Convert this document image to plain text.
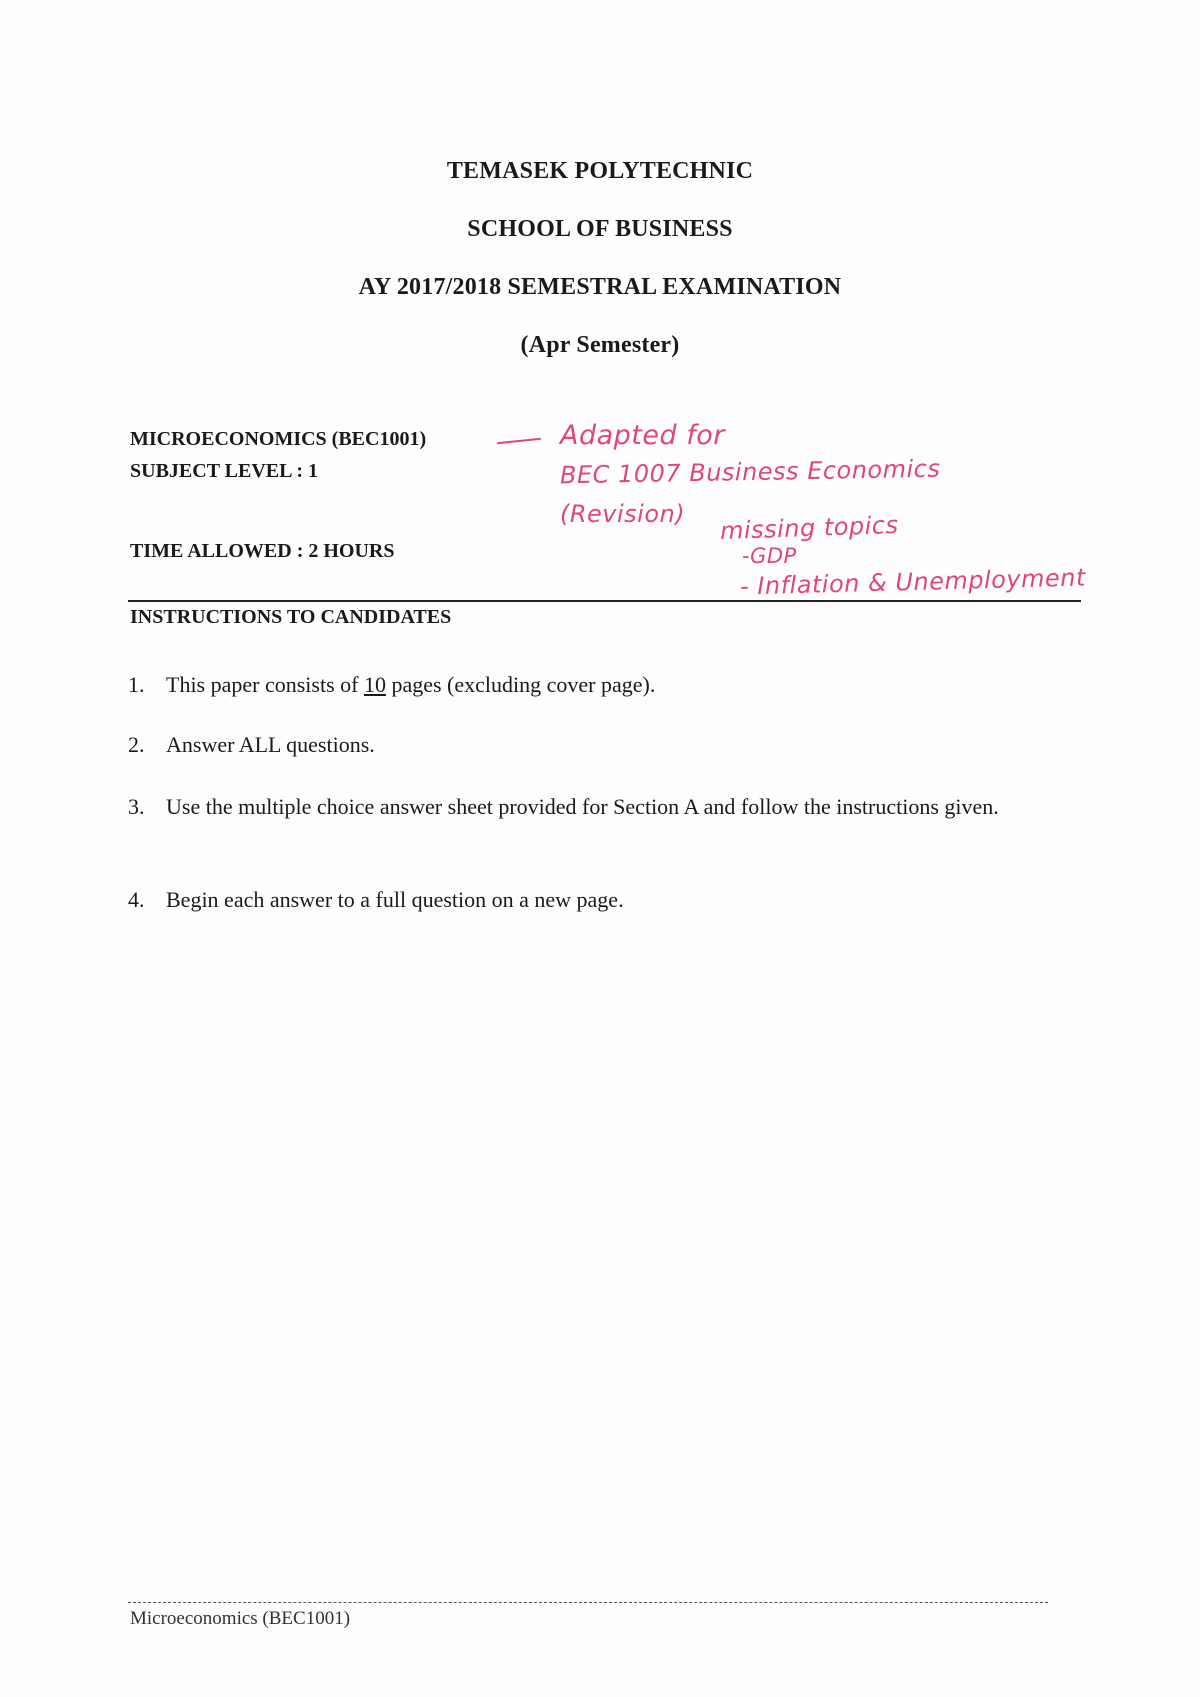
TEMASEK POLYTECHNIC
SCHOOL OF BUSINESS
AY 2017/2018 SEMESTRAL EXAMINATION
(Apr Semester)
MICROECONOMICS (BEC1001)
SUBJECT LEVEL : 1
TIME ALLOWED : 2 HOURS
Adapted for
BEC 1007 Business Economics
(Revision) missing topics
-GDP
- Inflation & Unemployment
INSTRUCTIONS TO CANDIDATES
1. This paper consists of 10 pages (excluding cover page).
2. Answer ALL questions.
3. Use the multiple choice answer sheet provided for Section A and follow the instructions given.
4. Begin each answer to a full question on a new page.
Microeconomics (BEC1001)
